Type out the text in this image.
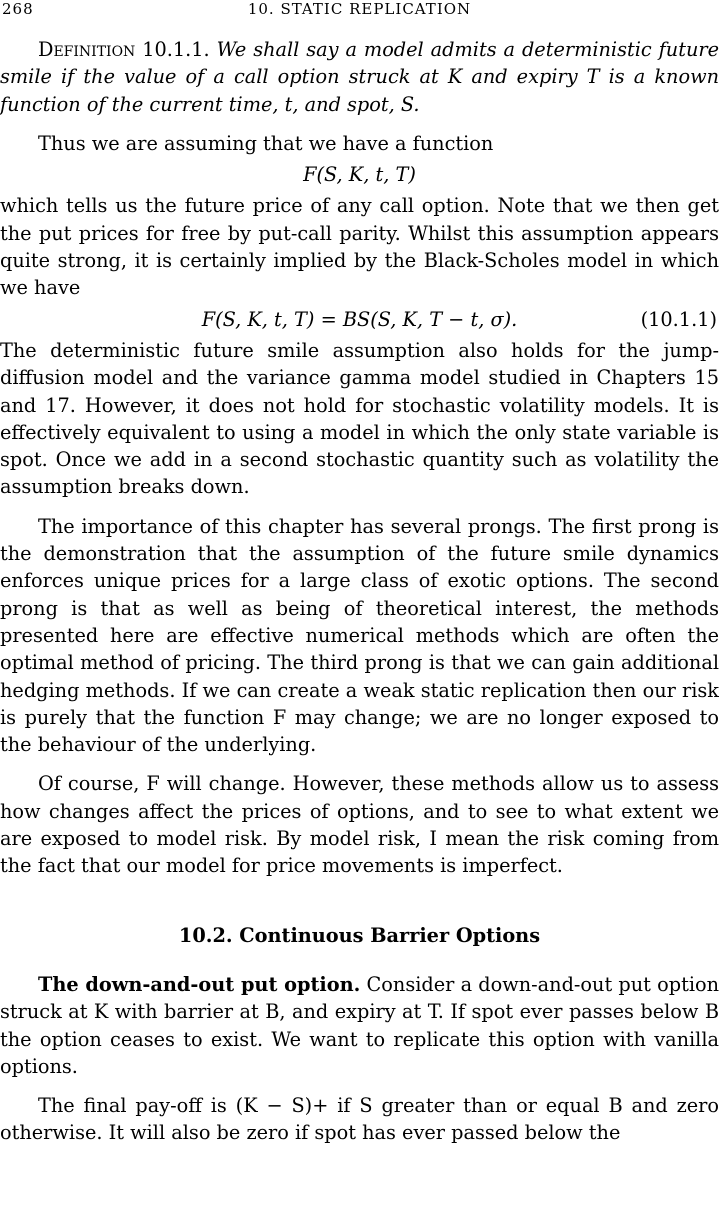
268	10. STATIC REPLICATION

Definition 10.1.1. We shall say a model admits a deterministic future smile if the value of a call option struck at K and expiry T is a known function of the current time, t, and spot, S.

Thus we are assuming that we have a function

F(S, K, t, T)

which tells us the future price of any call option. Note that we then get the put prices for free by put-call parity. Whilst this assumption appears quite strong, it is certainly implied by the Black-Scholes model in which we have

F(S, K, t, T) = BS(S, K, T − t, σ).	(10.1.1)

The deterministic future smile assumption also holds for the jump-diffusion model and the variance gamma model studied in Chapters 15 and 17. However, it does not hold for stochastic volatility models. It is effectively equivalent to using a model in which the only state variable is spot. Once we add in a second stochastic quantity such as volatility the assumption breaks down.

The importance of this chapter has several prongs. The first prong is the demonstration that the assumption of the future smile dynamics enforces unique prices for a large class of exotic options. The second prong is that as well as being of theoretical interest, the methods presented here are effective numerical methods which are often the optimal method of pricing. The third prong is that we can gain additional hedging methods. If we can create a weak static replication then our risk is purely that the function F may change; we are no longer exposed to the behaviour of the underlying.

Of course, F will change. However, these methods allow us to assess how changes affect the prices of options, and to see to what extent we are exposed to model risk. By model risk, I mean the risk coming from the fact that our model for price movements is imperfect.

10.2. Continuous Barrier Options

The down-and-out put option. Consider a down-and-out put option struck at K with barrier at B, and expiry at T. If spot ever passes below B the option ceases to exist. We want to replicate this option with vanilla options.

The final pay-off is (K − S)+ if S greater than or equal B and zero otherwise. It will also be zero if spot has ever passed below the
